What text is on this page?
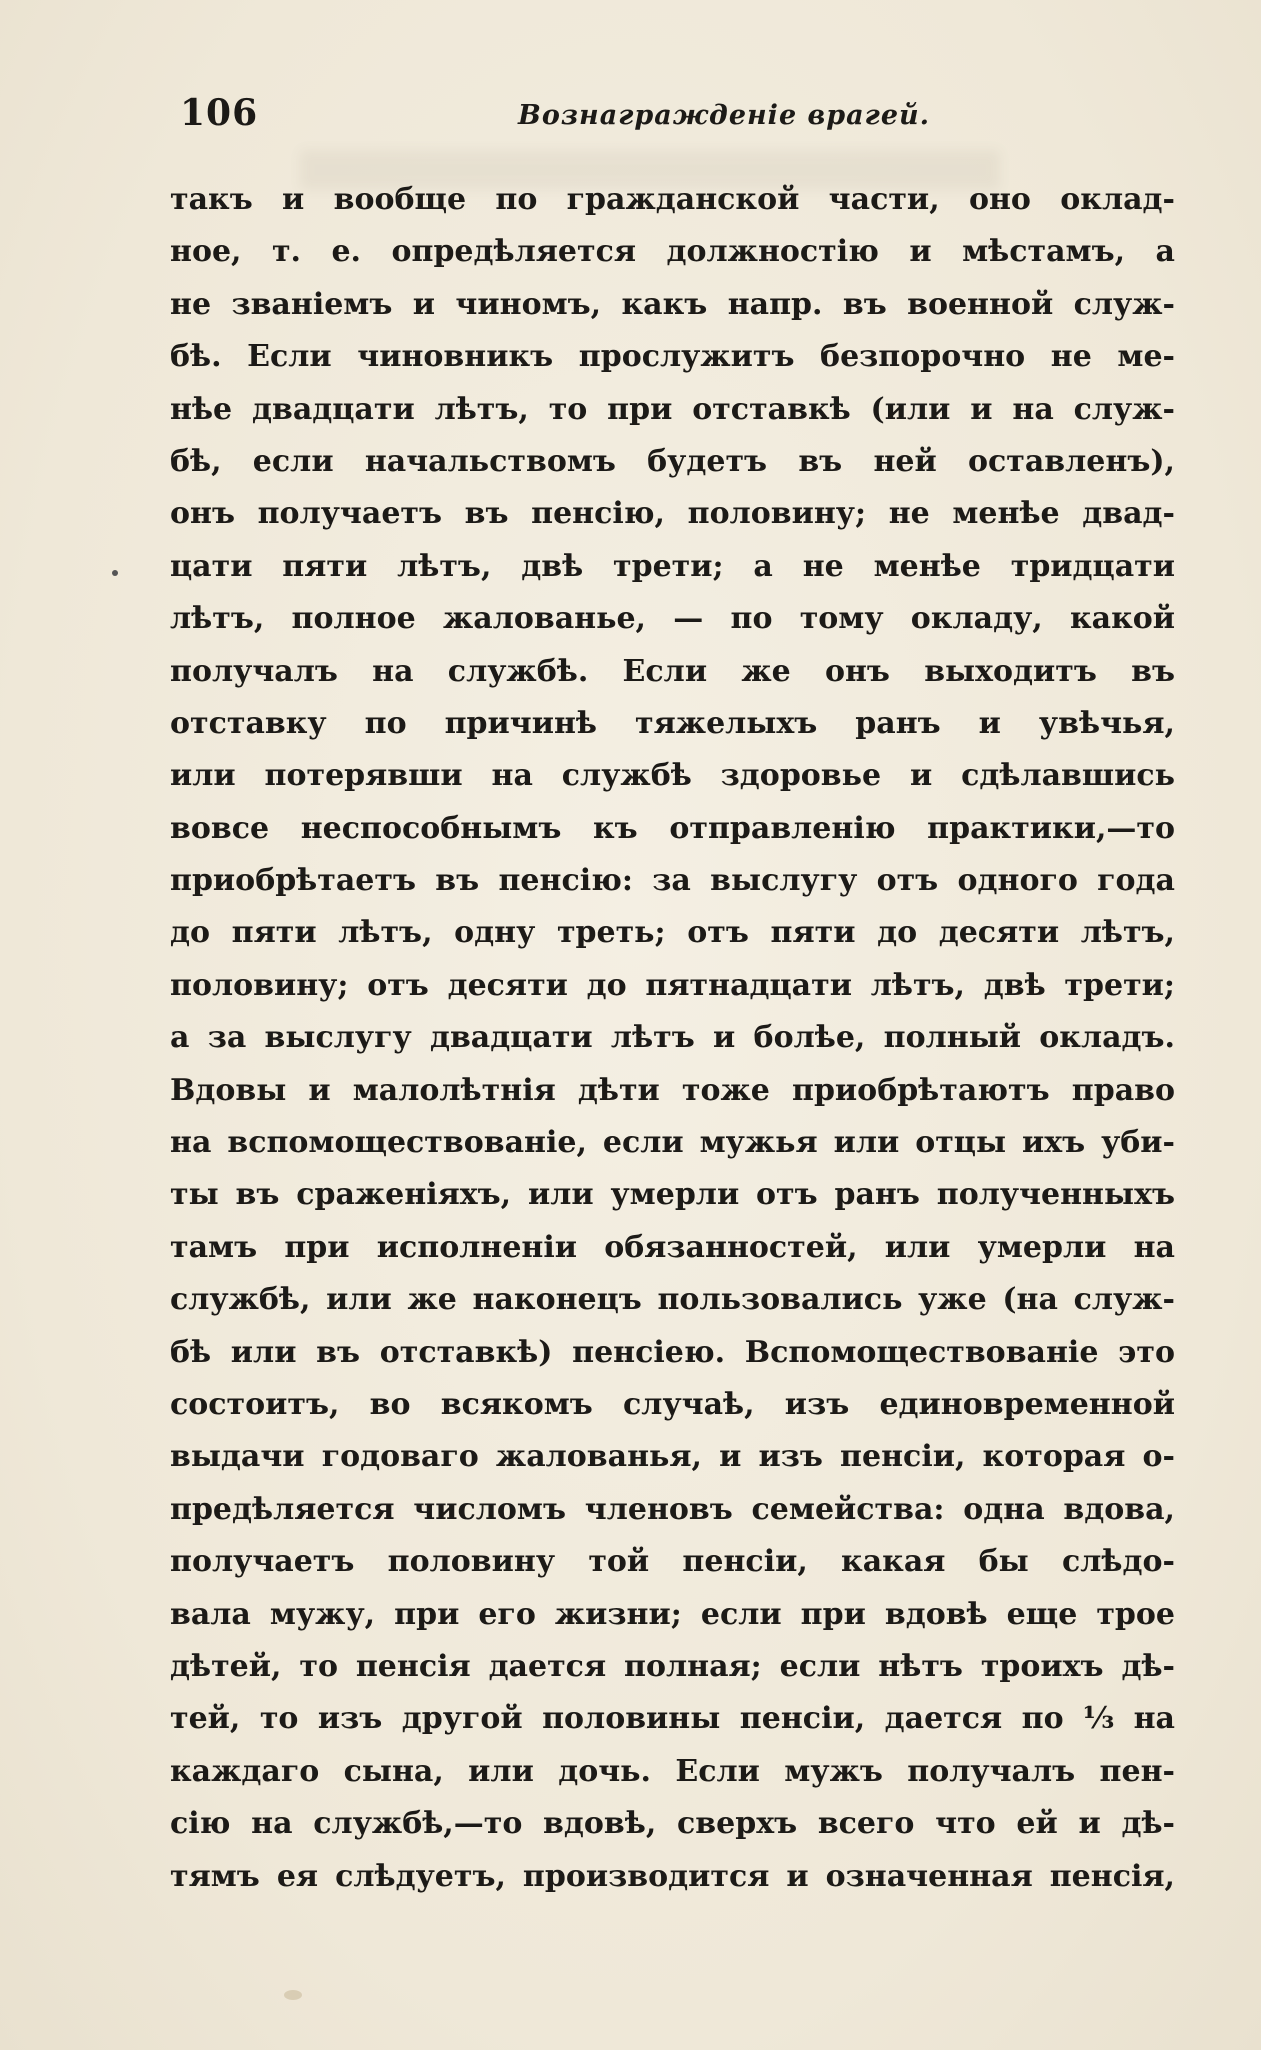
106	Вознагражденіе врагей.
такъ и вообще по гражданской части, оно оклад-
ное, т. е. опредѣляется должностію и мѣстамъ, а
не званіемъ и чиномъ, какъ напр. въ военной служ-
бѣ. Если чиновникъ прослужитъ безпорочно не ме-
нѣе двадцати лѣтъ, то при отставкѣ (или и на служ-
бѣ, если начальствомъ будетъ въ ней оставленъ),
онъ получаетъ въ пенсію, половину; не менѣе двад-
цати пяти лѣтъ, двѣ трети; а не менѣе тридцати
лѣтъ, полное жалованье, — по тому окладу, какой
получалъ на службѣ. Если же онъ выходитъ въ
отставку по причинѣ тяжелыхъ ранъ и увѣчья,
или потерявши на службѣ здоровье и сдѣлавшись
вовсе неспособнымъ къ отправленію практики,—то
приобрѣтаетъ въ пенсію: за выслугу отъ одного года
до пяти лѣтъ, одну треть; отъ пяти до десяти лѣтъ,
половину; отъ десяти до пятнадцати лѣтъ, двѣ трети;
а за выслугу двадцати лѣтъ и болѣе, полный окладъ.
Вдовы и малолѣтнія дѣти тоже приобрѣтаютъ право
на вспомоществованіе, если мужья или отцы ихъ уби-
ты въ сраженіяхъ, или умерли отъ ранъ полученныхъ
тамъ при исполненіи обязанностей, или умерли на
службѣ, или же наконецъ пользовались уже (на служ-
бѣ или въ отставкѣ) пенсіею. Вспомоществованіе это
состоитъ, во всякомъ случаѣ, изъ единовременной
выдачи годоваго жалованья, и изъ пенсіи, которая о-
предѣляется числомъ членовъ семейства: одна вдова,
получаетъ половину той пенсіи, какая бы слѣдо-
вала мужу, при его жизни; если при вдовѣ еще трое
дѣтей, то пенсія дается полная; если нѣтъ троихъ дѣ-
тей, то изъ другой половины пенсіи, дается по ⅓ на
каждаго сына, или дочь. Если мужъ получалъ пен-
сію на службѣ,—то вдовѣ, сверхъ всего что ей и дѣ-
тямъ ея слѣдуетъ, производится и означенная пенсія,
